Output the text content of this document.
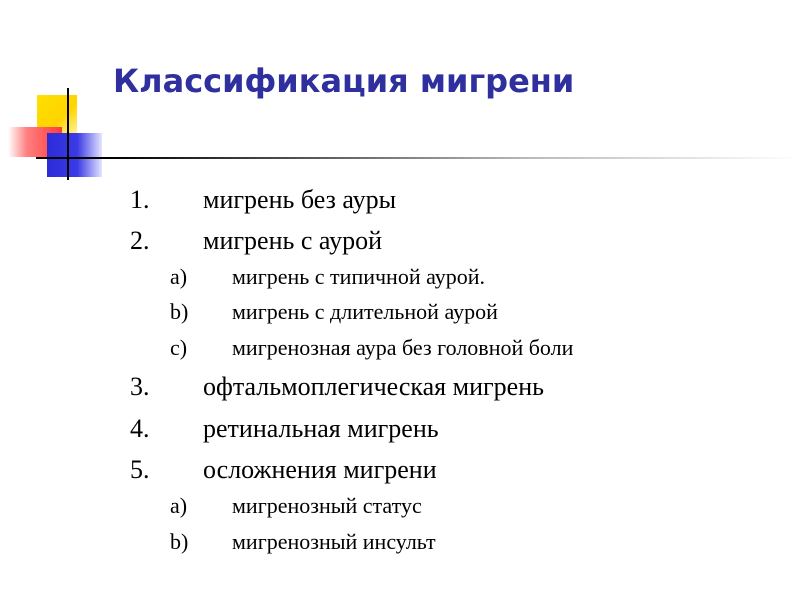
Классификация мигрени
1. мигрень без ауры
2. мигрень с аурой
a) мигрень с типичной аурой.
b) мигрень с длительной аурой
c) мигренозная аура без головной боли
3. офтальмоплегическая мигрень
4. ретинальная мигрень
5. осложнения мигрени
a) мигренозный статус
b) мигренозный инсульт
